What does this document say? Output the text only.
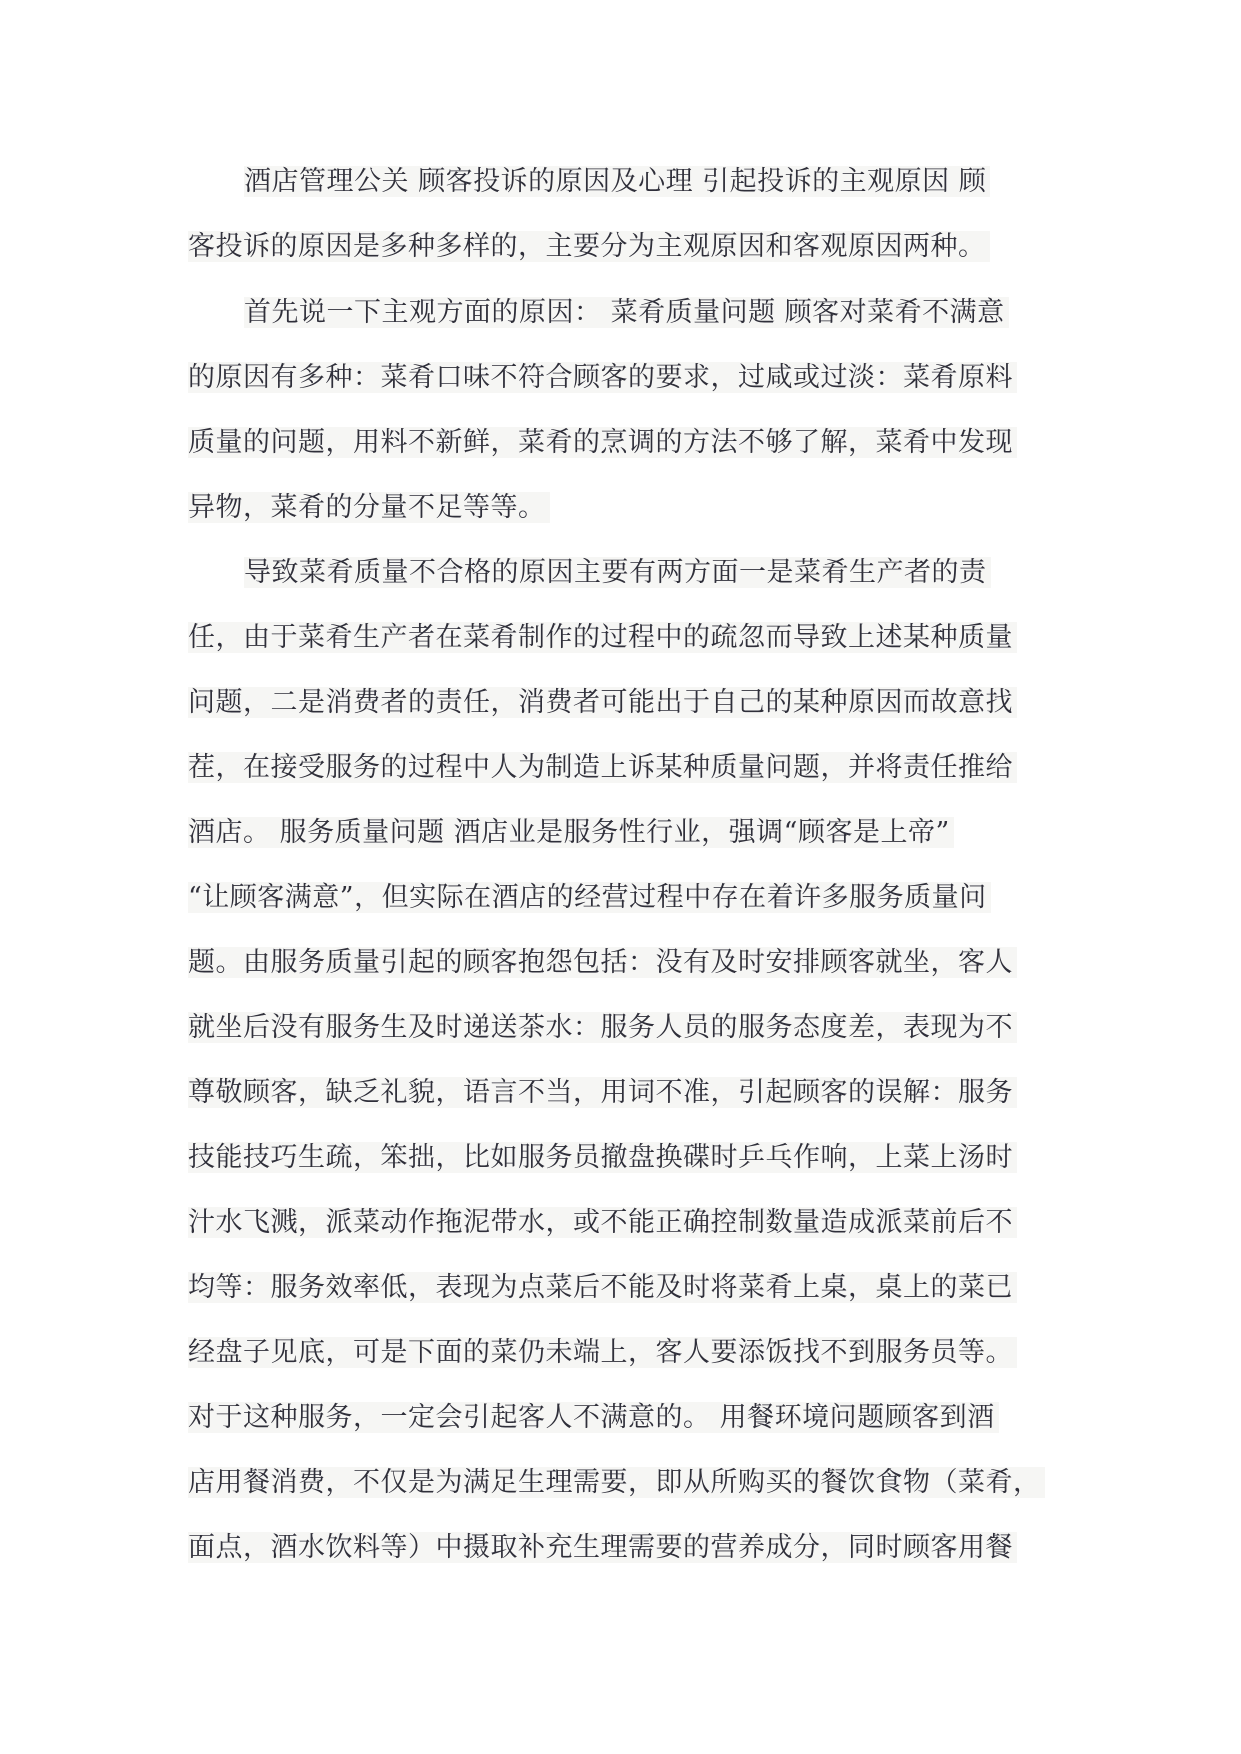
酒店管理公关 顾客投诉的原因及心理 引起投诉的主观原因 顾
客投诉的原因是多种多样的，主要分为主观原因和客观原因两种。
首先说一下主观方面的原因： 菜肴质量问题 顾客对菜肴不满意
的原因有多种：菜肴口味不符合顾客的要求，过咸或过淡：菜肴原料
质量的问题，用料不新鲜，菜肴的烹调的方法不够了解，菜肴中发现
异物，菜肴的分量不足等等。
导致菜肴质量不合格的原因主要有两方面一是菜肴生产者的责
任，由于菜肴生产者在菜肴制作的过程中的疏忽而导致上述某种质量
问题，二是消费者的责任，消费者可能出于自己的某种原因而故意找
茬，在接受服务的过程中人为制造上诉某种质量问题，并将责任推给
酒店。 服务质量问题 酒店业是服务性行业，强调“顾客是上帝”
“让顾客满意”，但实际在酒店的经营过程中存在着许多服务质量问
题。由服务质量引起的顾客抱怨包括：没有及时安排顾客就坐，客人
就坐后没有服务生及时递送茶水：服务人员的服务态度差，表现为不
尊敬顾客，缺乏礼貌，语言不当，用词不准，引起顾客的误解：服务
技能技巧生疏，笨拙，比如服务员撤盘换碟时乒乓作响，上菜上汤时
汁水飞溅，派菜动作拖泥带水，或不能正确控制数量造成派菜前后不
均等：服务效率低，表现为点菜后不能及时将菜肴上桌，桌上的菜已
经盘子见底，可是下面的菜仍未端上，客人要添饭找不到服务员等。
对于这种服务，一定会引起客人不满意的。 用餐环境问题顾客到酒
店用餐消费，不仅是为满足生理需要，即从所购买的餐饮食物（菜肴，
面点，酒水饮料等）中摄取补充生理需要的营养成分，同时顾客用餐
